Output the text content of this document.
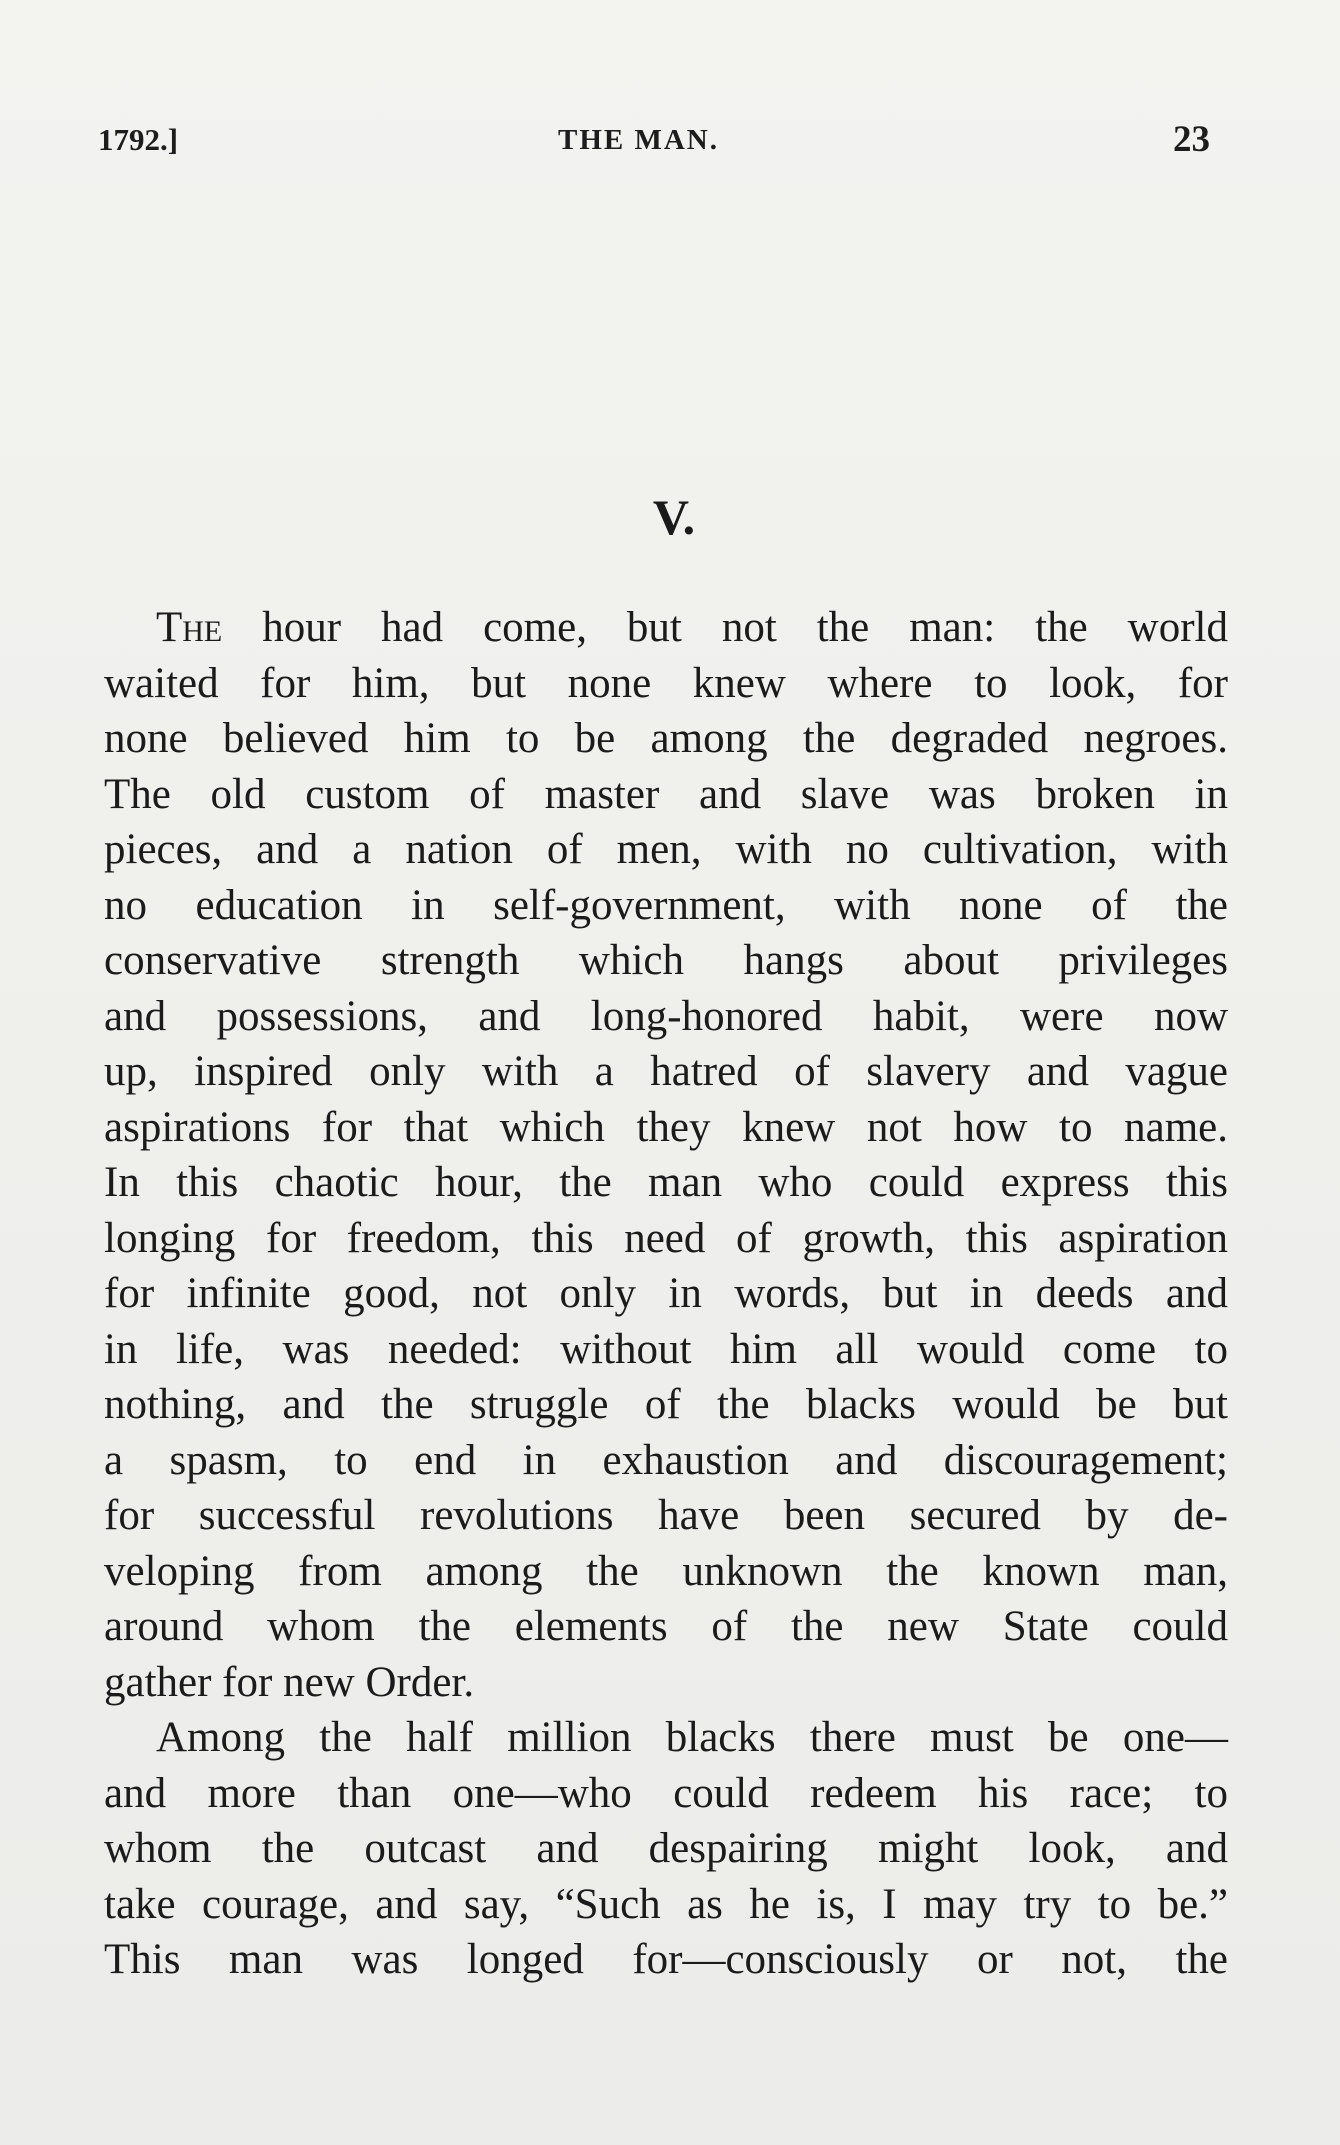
1792.]	THE MAN.	23
V.
The hour had come, but not the man: the world
waited for him, but none knew where to look, for
none believed him to be among the degraded negroes.
The old custom of master and slave was broken in
pieces, and a nation of men, with no cultivation, with
no education in self-government, with none of the
conservative strength which hangs about privileges
and possessions, and long-honored habit, were now
up, inspired only with a hatred of slavery and vague
aspirations for that which they knew not how to name.
In this chaotic hour, the man who could express this
longing for freedom, this need of growth, this aspiration
for infinite good, not only in words, but in deeds and
in life, was needed: without him all would come to
nothing, and the struggle of the blacks would be but
a spasm, to end in exhaustion and discouragement;
for successful revolutions have been secured by de-
veloping from among the unknown the known man,
around whom the elements of the new State could
gather for new Order.
Among the half million blacks there must be one—
and more than one—who could redeem his race; to
whom the outcast and despairing might look, and
take courage, and say, “Such as he is, I may try to be.”
This man was longed for—consciously or not, the
